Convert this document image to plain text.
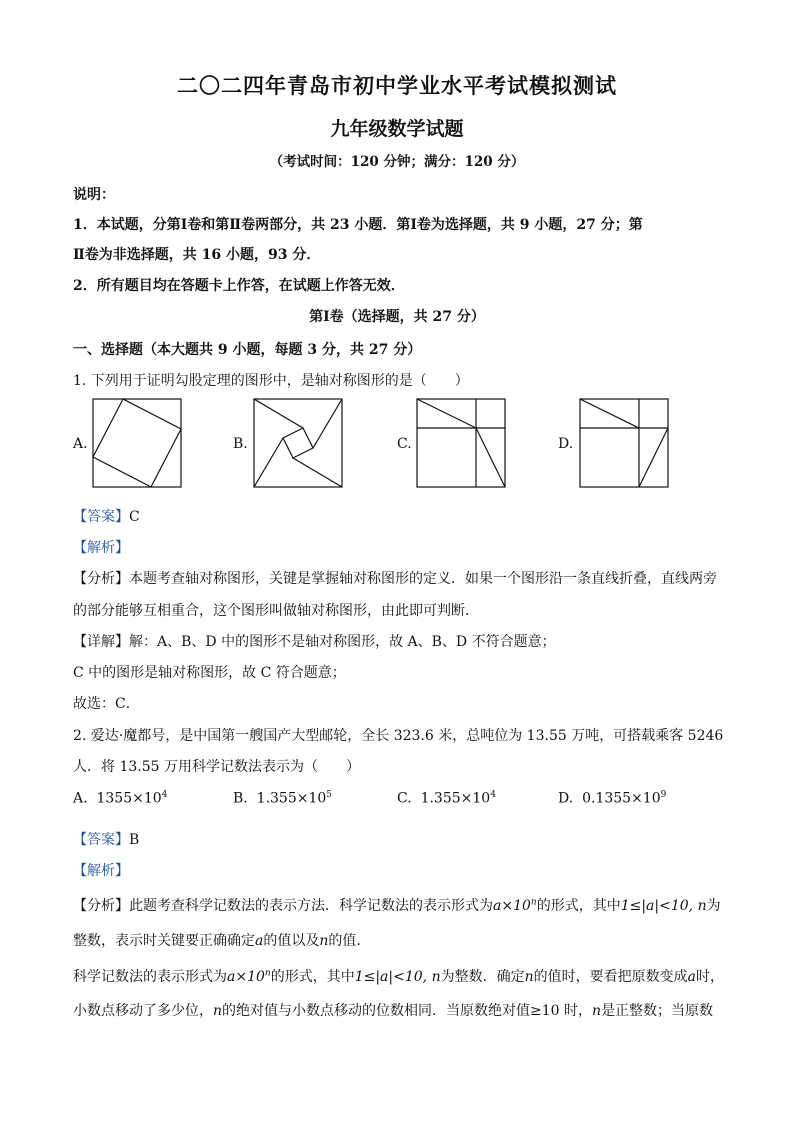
二〇二四年青岛市初中学业水平考试模拟测试
九年级数学试题
（考试时间：120 分钟；满分：120 分）
说明：
1．本试题，分第Ⅰ卷和第Ⅱ卷两部分，共 23 小题．第Ⅰ卷为选择题，共 9 小题，27 分；第
Ⅱ卷为非选择题，共 16 小题，93 分．
2．所有题目均在答题卡上作答，在试题上作答无效．
第Ⅰ卷（选择题，共 27 分）
一、选择题（本大题共 9 小题，每题 3 分，共 27 分）
1. 下列用于证明勾股定理的图形中，是轴对称图形的是（　　）
A.	B.	C.	D.
【答案】C
【解析】
【分析】本题考查轴对称图形，关键是掌握轴对称图形的定义．如果一个图形沿一条直线折叠，直线两旁
的部分能够互相重合，这个图形叫做轴对称图形，由此即可判断．
【详解】解：A、B、D 中的图形不是轴对称图形，故 A、B、D 不符合题意；
C 中的图形是轴对称图形，故 C 符合题意；
故选：C．
2. 爱达·魔都号，是中国第一艘国产大型邮轮，全长 323.6 米，总吨位为 13.55 万吨，可搭载乘客 5246
人．将 13.55 万用科学记数法表示为（　　）
A. $1355\times 10^4$	B. $1.355\times 10^5$	C. $1.355\times 10^4$	D. $0.1355\times 10^9$
【答案】B
【解析】
【分析】此题考查科学记数法的表示方法．科学记数法的表示形式为$a\times 10^n$的形式，其中1≤|a|<10, n为
整数，表示时关键要正确确定a的值以及n的值．
科学记数法的表示形式为$a\times 10^n$的形式，其中1≤|a|<10, n为整数．确定n的值时，要看把原数变成a时，
小数点移动了多少位，n的绝对值与小数点移动的位数相同．当原数绝对值≥10 时，n是正整数；当原数
